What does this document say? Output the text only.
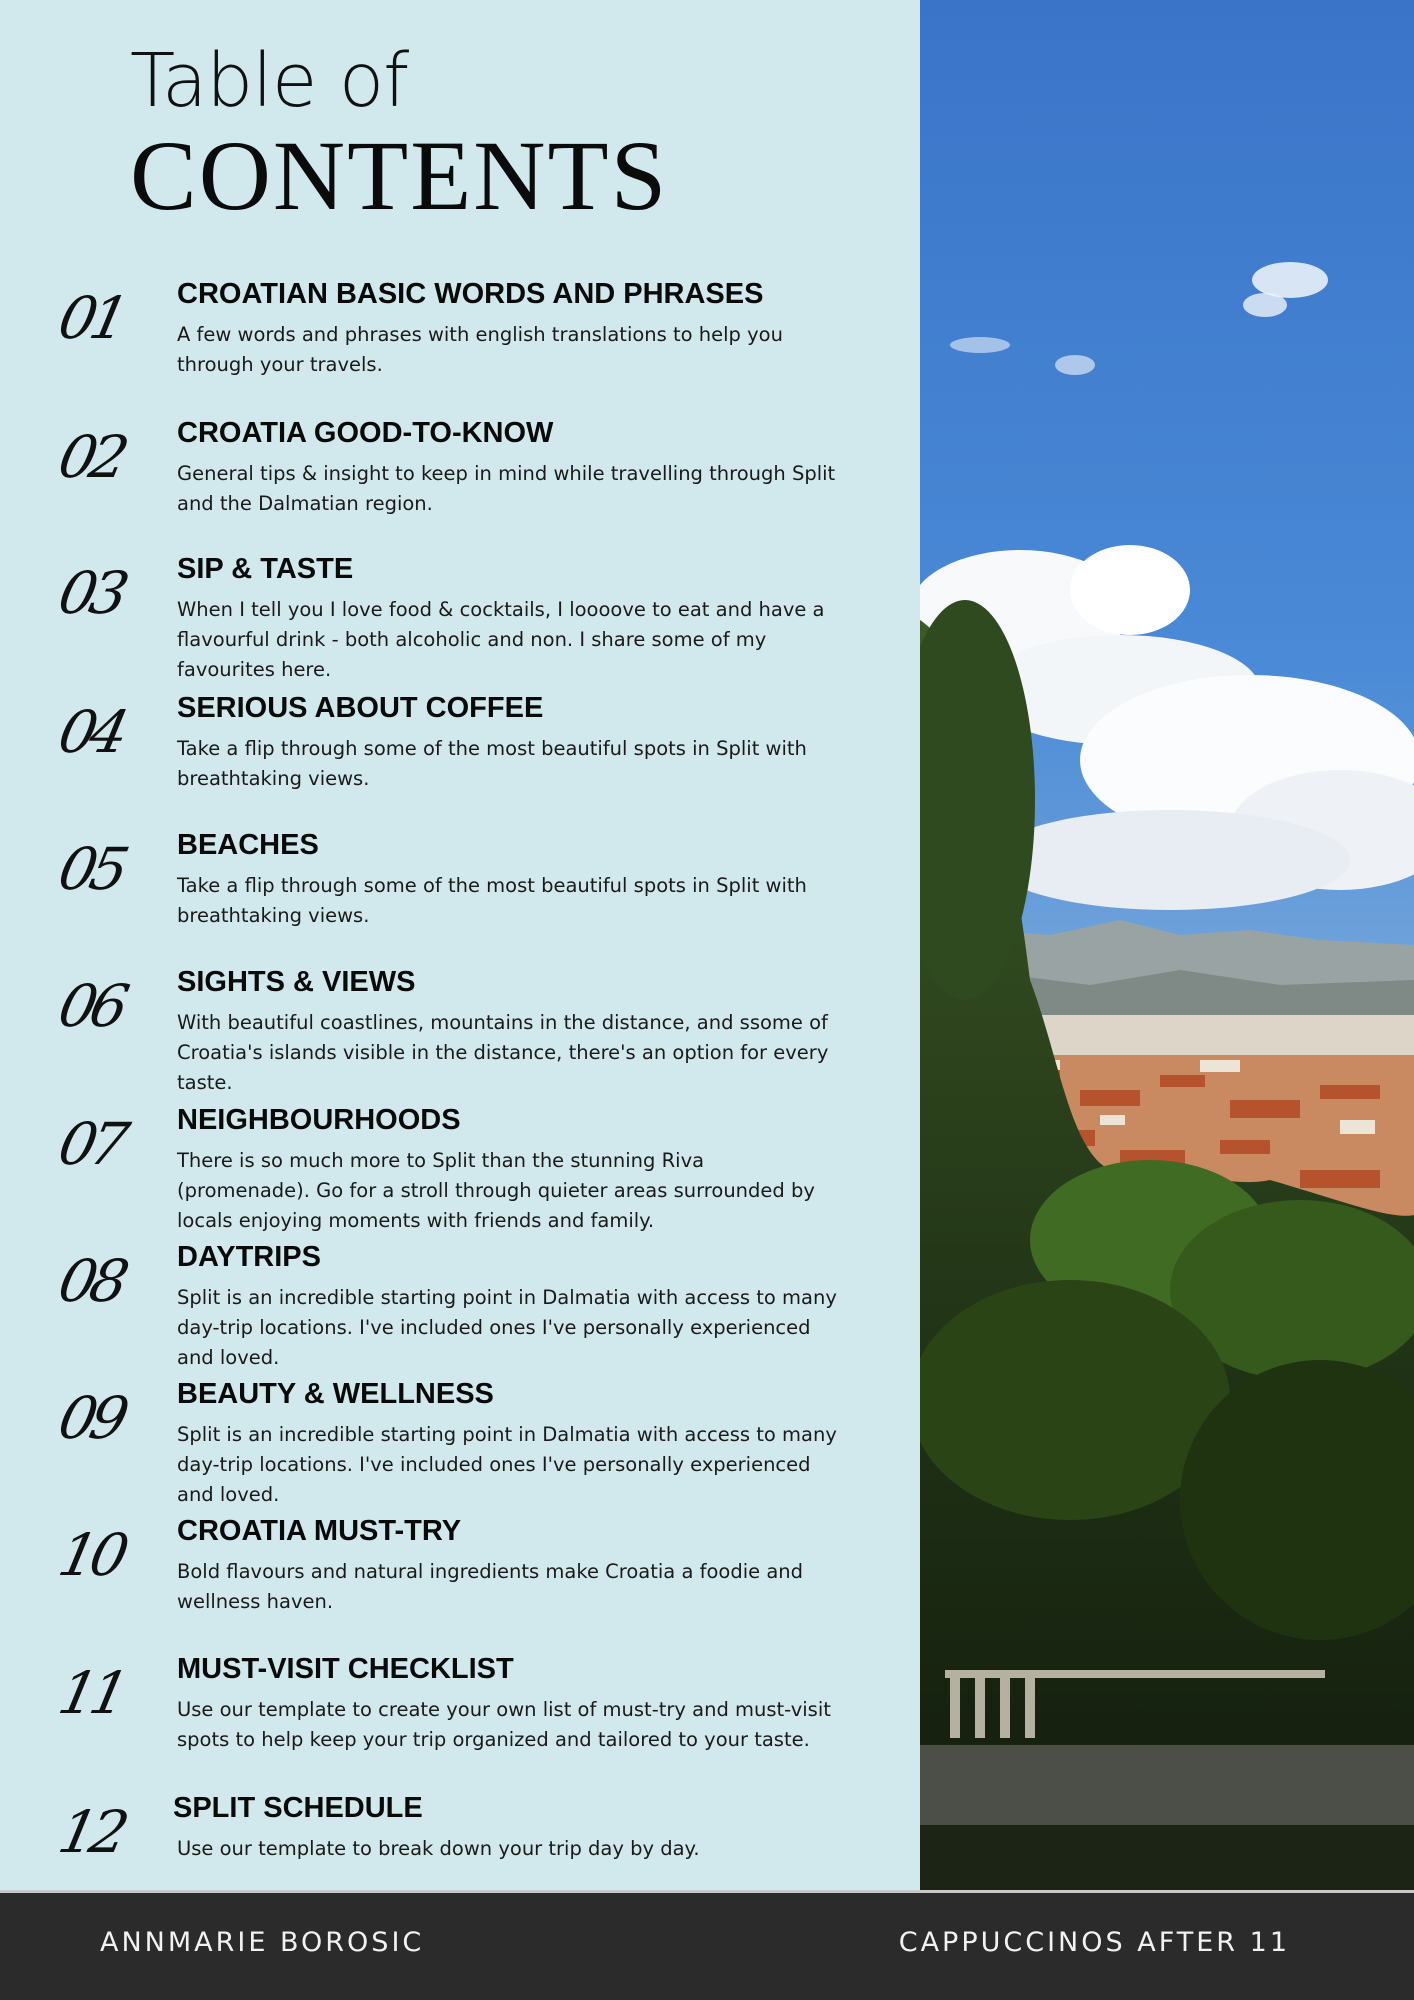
Table of
CONTENTS
01	CROATIAN BASIC WORDS AND PHRASES
A few words and phrases with english translations to help you through your travels.
02	CROATIA GOOD-TO-KNOW
General tips & insight to keep in mind while travelling through Split and the Dalmatian region.
03	SIP & TASTE
When I tell you I love food & cocktails, I loooove to eat and have a flavourful drink - both alcoholic and non. I share some of my favourites here.
04	SERIOUS ABOUT COFFEE
Take a flip through some of the most beautiful spots in Split with breathtaking views.
05	BEACHES
Take a flip through some of the most beautiful spots in Split with breathtaking views.
06	SIGHTS & VIEWS
With beautiful coastlines, mountains in the distance, and ssome of Croatia's islands visible in the distance, there's an option for every taste.
07	NEIGHBOURHOODS
There is so much more to Split than the stunning Riva (promenade). Go for a stroll through quieter areas surrounded by locals enjoying moments with friends and family.
08	DAYTRIPS
Split is an incredible starting point in Dalmatia with access to many day-trip locations. I've included ones I've personally experienced and loved.
09	BEAUTY & WELLNESS
Split is an incredible starting point in Dalmatia with access to many day-trip locations. I've included ones I've personally experienced and loved.
10	CROATIA MUST-TRY
Bold flavours and natural ingredients make Croatia a foodie and wellness haven.
11	MUST-VISIT CHECKLIST
Use our template to create your own list of must-try and must-visit spots to help keep your trip organized and tailored to your taste.
12	SPLIT SCHEDULE
Use our template to break down your trip day by day.
ANNMARIE BOROSIC	CAPPUCCINOS AFTER 11
